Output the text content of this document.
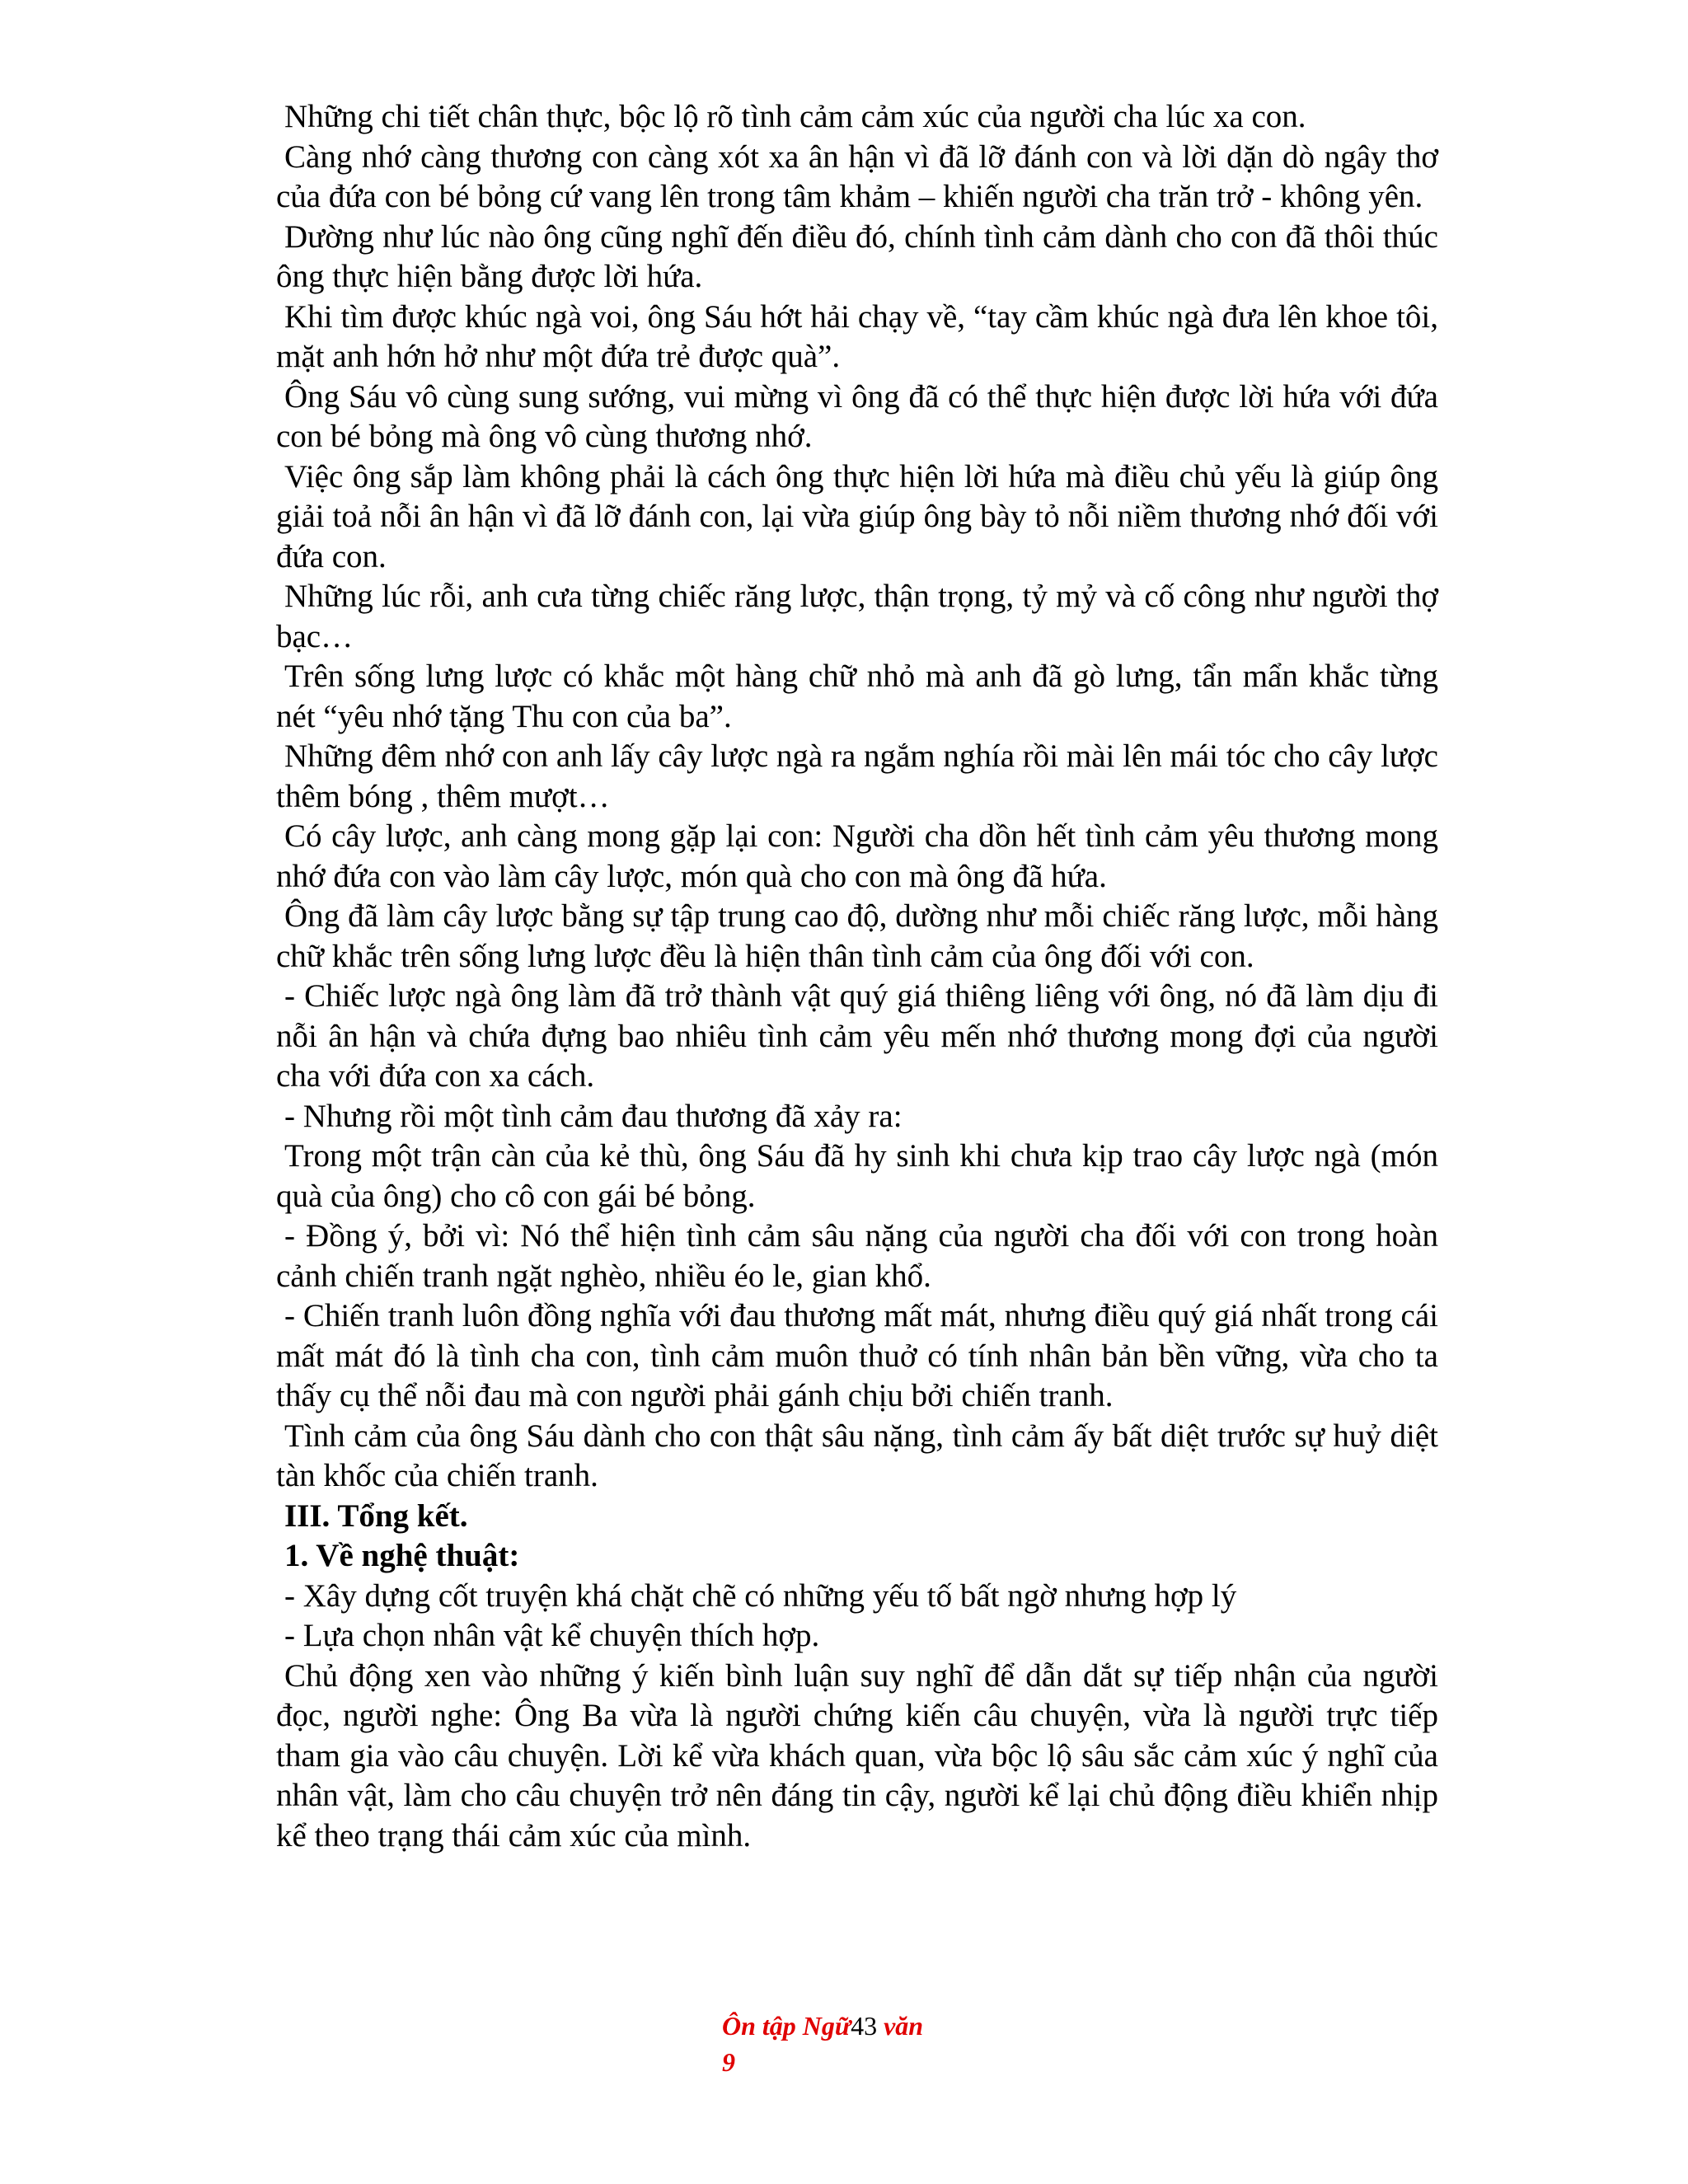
Những chi tiết chân thực, bộc lộ rõ tình cảm cảm xúc của người cha lúc xa con.

Càng nhớ càng thương con càng xót xa ân hận vì đã lỡ đánh con và lời dặn dò ngây thơ của đứa con bé bỏng cứ vang lên trong tâm khảm – khiến người cha trăn trở - không yên.

Dường như lúc nào ông cũng nghĩ đến điều đó, chính tình cảm dành cho con đã thôi thúc ông thực hiện bằng được lời hứa.

Khi tìm được khúc ngà voi, ông Sáu hớt hải chạy về, “tay cầm khúc ngà đưa lên khoe tôi, mặt anh hớn hở như một đứa trẻ được quà”.

Ông Sáu vô cùng sung sướng, vui mừng vì ông đã có thể thực hiện được lời hứa với đứa con bé bỏng mà ông vô cùng thương nhớ.

Việc ông sắp làm không phải là cách ông thực hiện lời hứa mà điều chủ yếu là giúp ông giải toả nỗi ân hận vì đã lỡ đánh con, lại vừa giúp ông bày tỏ nỗi niềm thương nhớ đối với đứa con.

Những lúc rỗi, anh cưa từng chiếc răng lược, thận trọng, tỷ mỷ và cố công như người thợ bạc…

Trên sống lưng lược có khắc một hàng chữ nhỏ mà anh đã gò lưng, tẩn mẩn khắc từng nét “yêu nhớ tặng Thu con của ba”.

Những đêm nhớ con anh lấy cây lược ngà ra ngắm nghía rồi mài lên mái tóc cho cây lược thêm bóng , thêm mượt…

Có cây lược, anh càng mong gặp lại con: Người cha dồn hết tình cảm yêu thương mong nhớ đứa con vào làm cây lược, món quà cho con mà ông đã hứa.

Ông đã làm cây lược bằng sự tập trung cao độ, dường như mỗi chiếc răng lược, mỗi hàng chữ khắc trên sống lưng lược đều là hiện thân tình cảm của ông đối với con.

- Chiếc lược ngà ông làm đã trở thành vật quý giá thiêng liêng với ông, nó đã làm dịu đi nỗi ân hận và chứa đựng bao nhiêu tình cảm yêu mến nhớ thương mong đợi của người cha với đứa con xa cách.

- Nhưng rồi một tình cảm đau thương đã xảy ra:

Trong một trận càn của kẻ thù, ông Sáu đã hy sinh khi chưa kịp trao cây lược ngà (món quà của ông) cho cô con gái bé bỏng.

- Đồng ý, bởi vì: Nó thể hiện tình cảm sâu nặng của người cha đối với con trong hoàn cảnh chiến tranh ngặt nghèo, nhiều éo le, gian khổ.

- Chiến tranh luôn đồng nghĩa với đau thương mất mát, nhưng điều quý giá nhất trong cái mất mát đó là tình cha con, tình cảm muôn thuở có tính nhân bản bền vững, vừa cho ta thấy cụ thể nỗi đau mà con người phải gánh chịu bởi chiến tranh.

Tình cảm của ông Sáu dành cho con thật sâu nặng, tình cảm ấy bất diệt trước sự huỷ diệt tàn khốc của chiến tranh.

III. Tổng kết.

1. Về nghệ thuật:

- Xây dựng cốt truyện khá chặt chẽ có những yếu tố bất ngờ nhưng hợp lý

- Lựa chọn nhân vật kể chuyện thích hợp.

Chủ động xen vào những ý kiến bình luận suy nghĩ để dẫn dắt sự tiếp nhận của người đọc, người nghe: Ông Ba vừa là người chứng kiến câu chuyện, vừa là người trực tiếp tham gia vào câu chuyện. Lời kể vừa khách quan, vừa bộc lộ sâu sắc cảm xúc ý nghĩ của nhân vật, làm cho câu chuyện trở nên đáng tin cậy, người kể lại chủ động điều khiển nhịp kể theo trạng thái cảm xúc của mình.

Ôn tập Ngữ43 văn
9
